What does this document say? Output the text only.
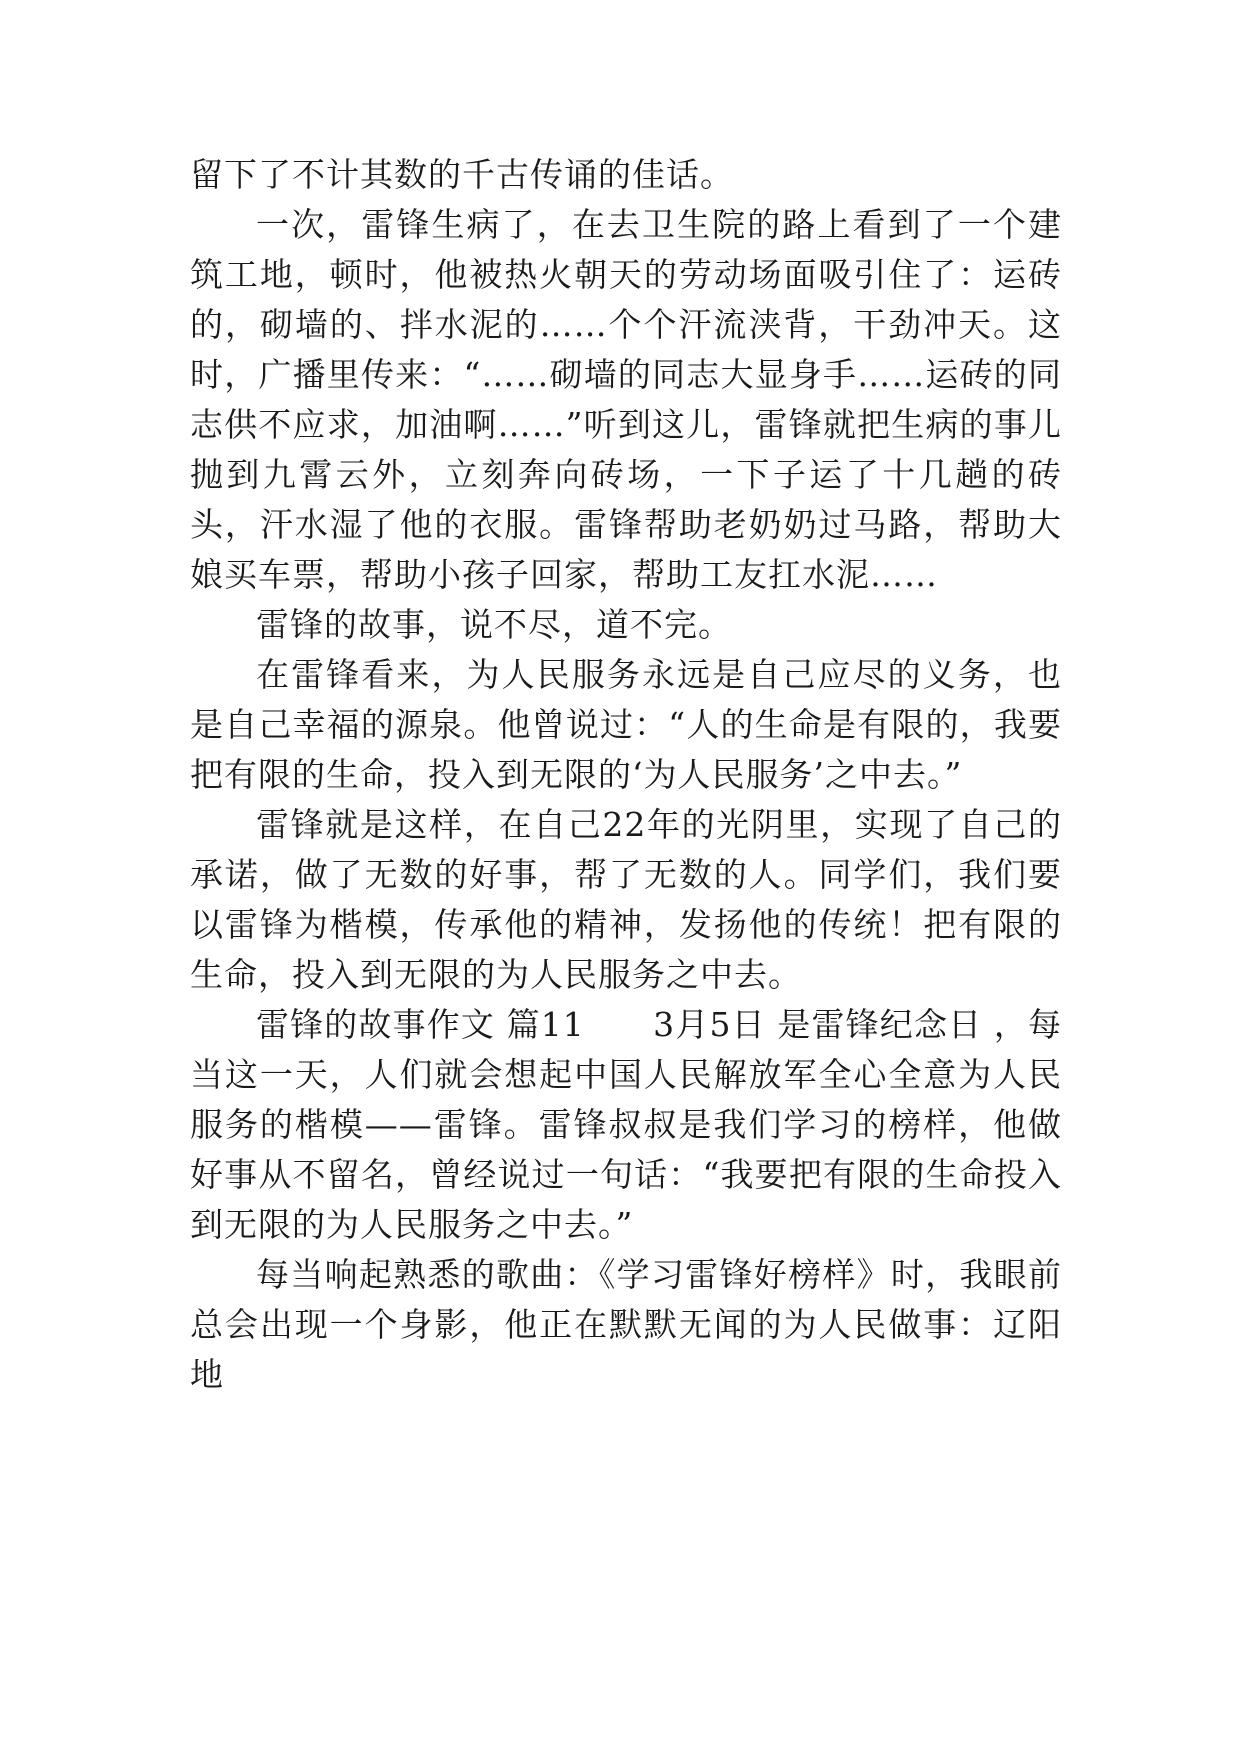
留下了不计其数的千古传诵的佳话。

一次，雷锋生病了，在去卫生院的路上看到了一个建筑工地，顿时，他被热火朝天的劳动场面吸引住了：运砖的，砌墙的、拌水泥的……个个汗流浃背，干劲冲天。这时，广播里传来：“……砌墙的同志大显身手……运砖的同志供不应求，加油啊……”听到这儿，雷锋就把生病的事儿抛到九霄云外，立刻奔向砖场，一下子运了十几趟的砖头，汗水湿了他的衣服。雷锋帮助老奶奶过马路，帮助大娘买车票，帮助小孩子回家，帮助工友扛水泥……

雷锋的故事，说不尽，道不完。

在雷锋看来，为人民服务永远是自己应尽的义务，也是自己幸福的源泉。他曾说过：“人的生命是有限的，我要把有限的生命，投入到无限的‘为人民服务’之中去。”

雷锋就是这样，在自己22年的光阴里，实现了自己的承诺，做了无数的好事，帮了无数的人。同学们，我们要以雷锋为楷模，传承他的精神，发扬他的传统！把有限的生命，投入到无限的为人民服务之中去。

雷锋的故事作文 篇11　　3月5日 是雷锋纪念日 ，每当这一天，人们就会想起中国人民解放军全心全意为人民服务的楷模——雷锋。雷锋叔叔是我们学习的榜样，他做好事从不留名，曾经说过一句话：“我要把有限的生命投入到无限的为人民服务之中去。”

每当响起熟悉的歌曲：《学习雷锋好榜样》时，我眼前总会出现一个身影，他正在默默无闻的为人民做事：辽阳地
